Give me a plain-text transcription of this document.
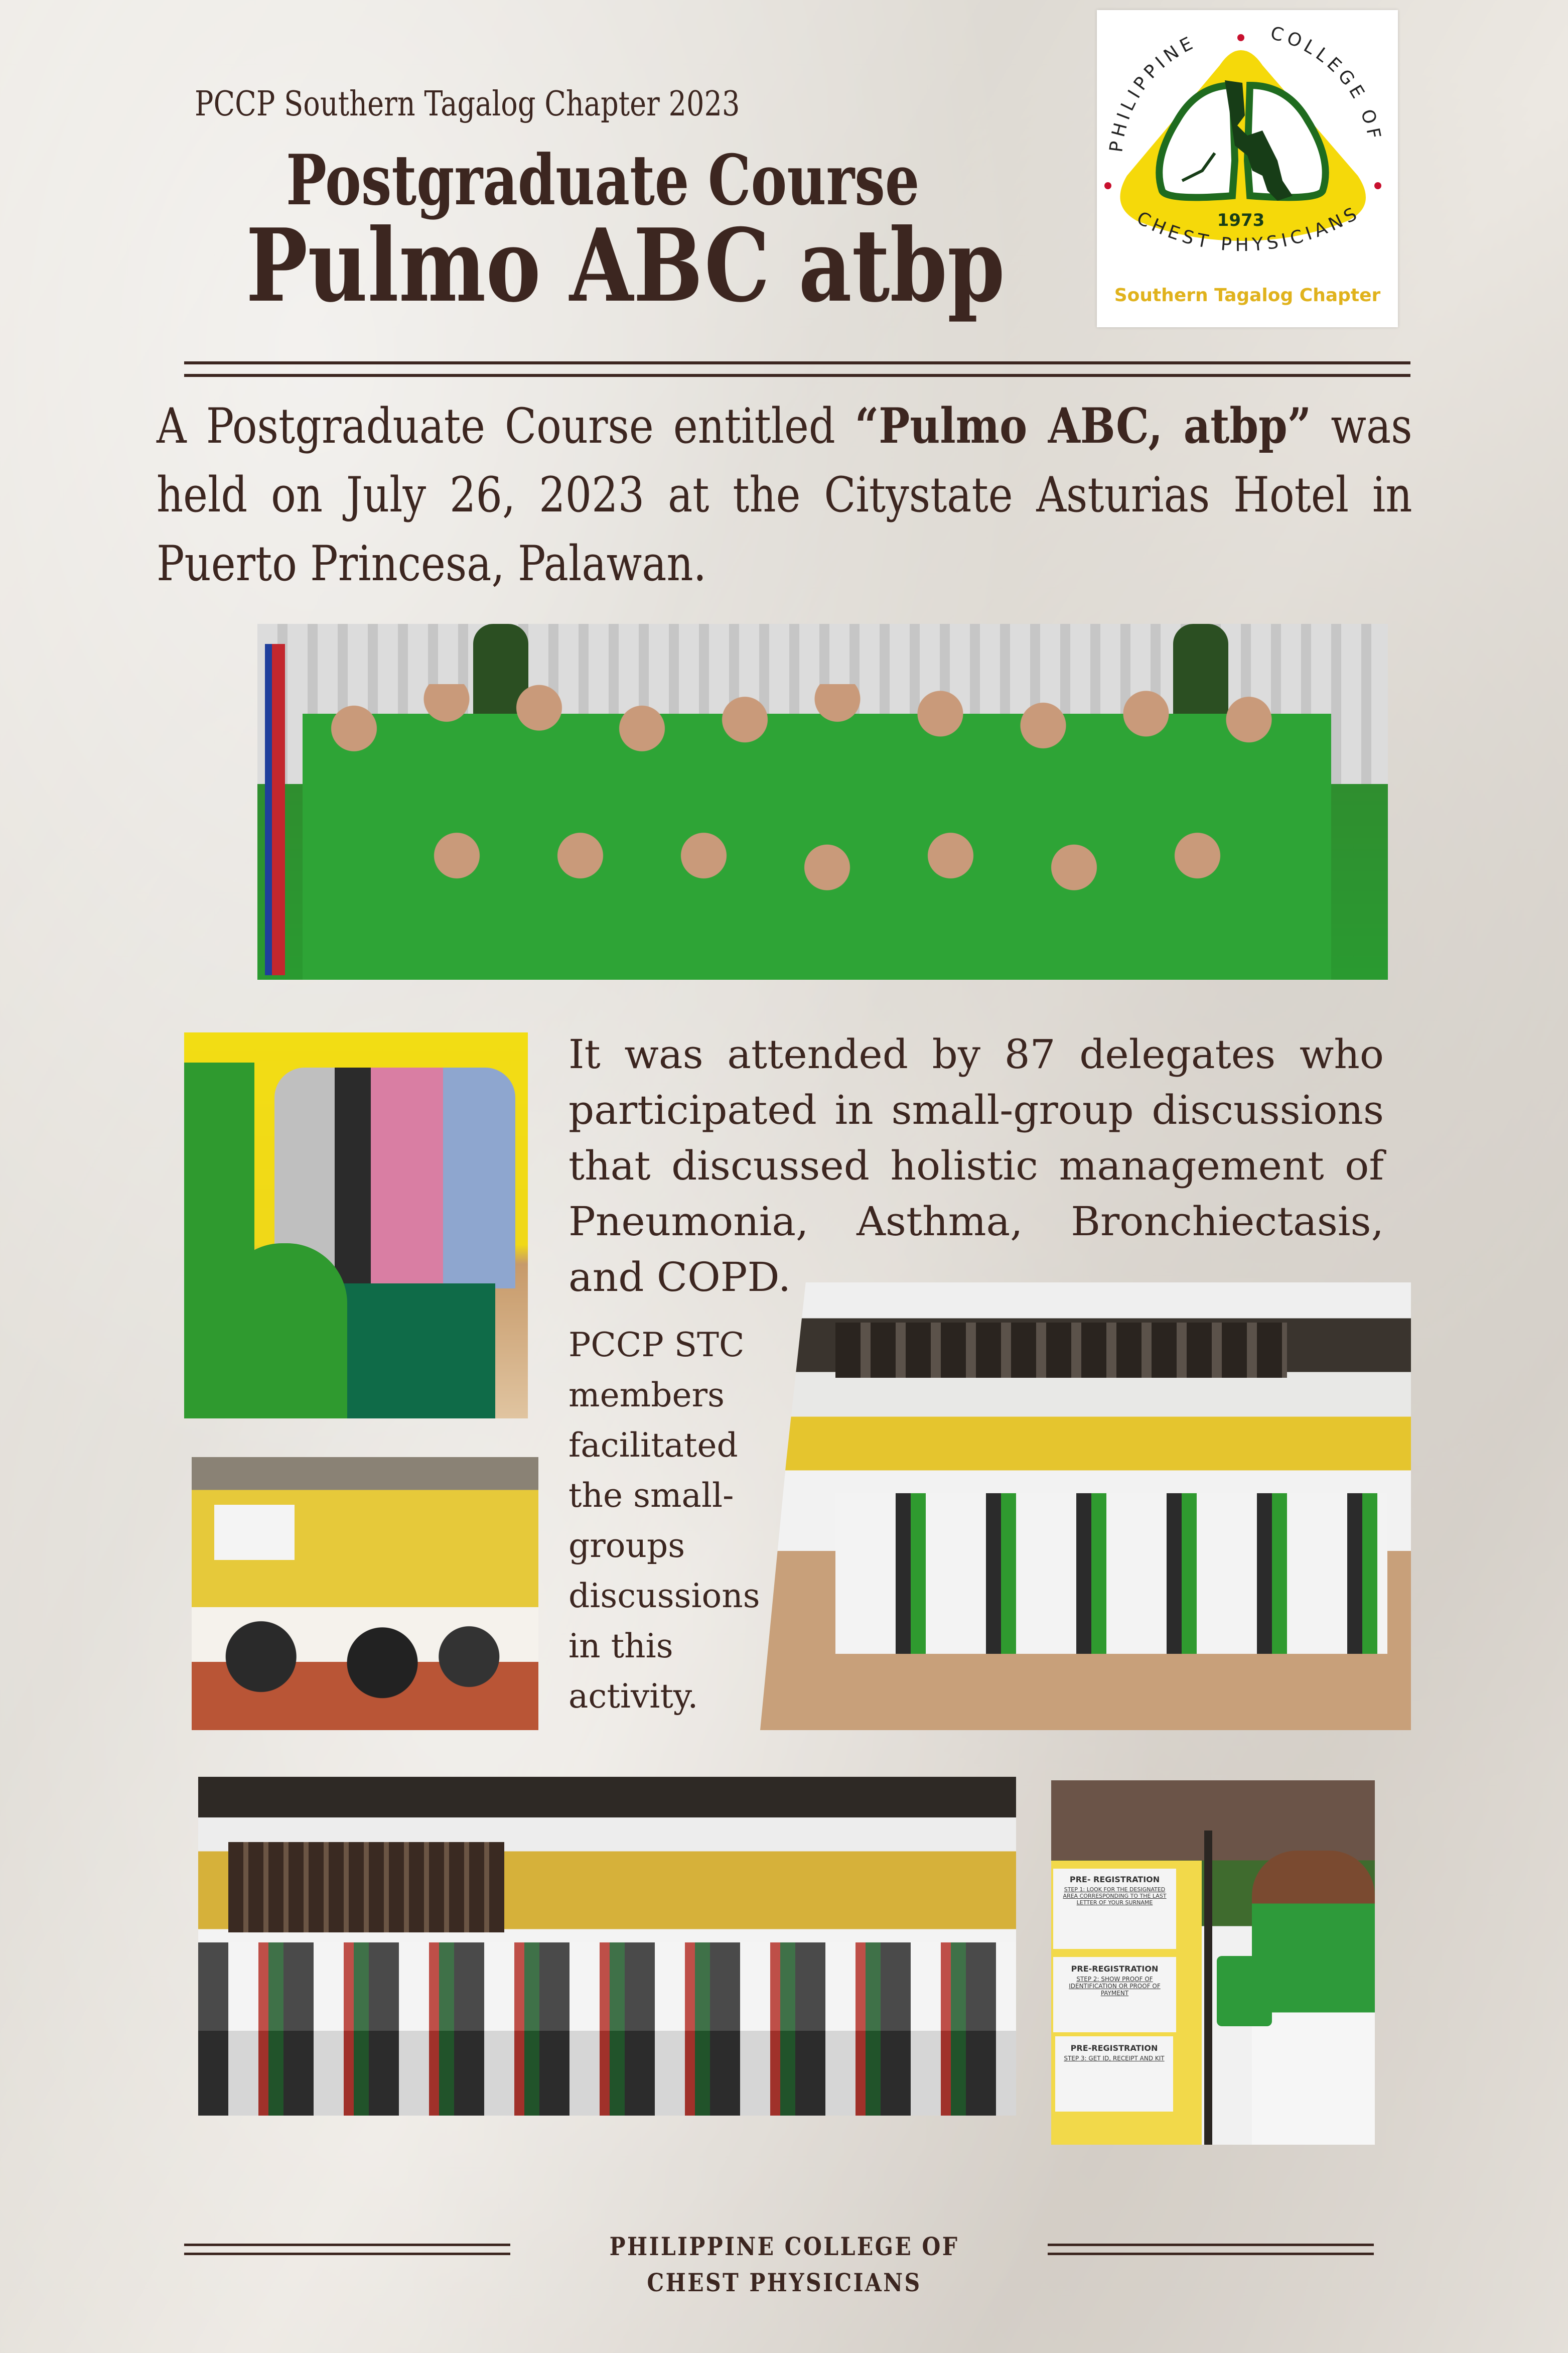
PCCP Southern Tagalog Chapter 2023
Postgraduate Course
Pulmo ABC atbp	1973
PHILIPPINE	COLLEGE OF
CHEST PHYSICIANS
Southern Tagalog Chapter
A Postgraduate Course entitled “Pulmo ABC, atbp” was held on July 26, 2023 at the Citystate Asturias Hotel in Puerto Princesa, Palawan.
It was attended by 87 delegates who participated in small-group discussions that discussed holistic management of Pneumonia, Asthma, Bronchiectasis, and COPD.
PCCP STC members facilitated the small-groups discussions in this activity.
PRE- REGISTRATION
STEP 1: LOOK FOR THE DESIGNATED AREA CORRESPONDING TO THE LAST LETTER OF YOUR SURNAME
PRE-REGISTRATION
STEP 2: SHOW PROOF OF IDENTIFICATION OR PROOF OF PAYMENT
PRE-REGISTRATION
STEP 3: GET ID, RECEIPT AND KIT
PHILIPPINE COLLEGE OF CHEST PHYSICIANS
